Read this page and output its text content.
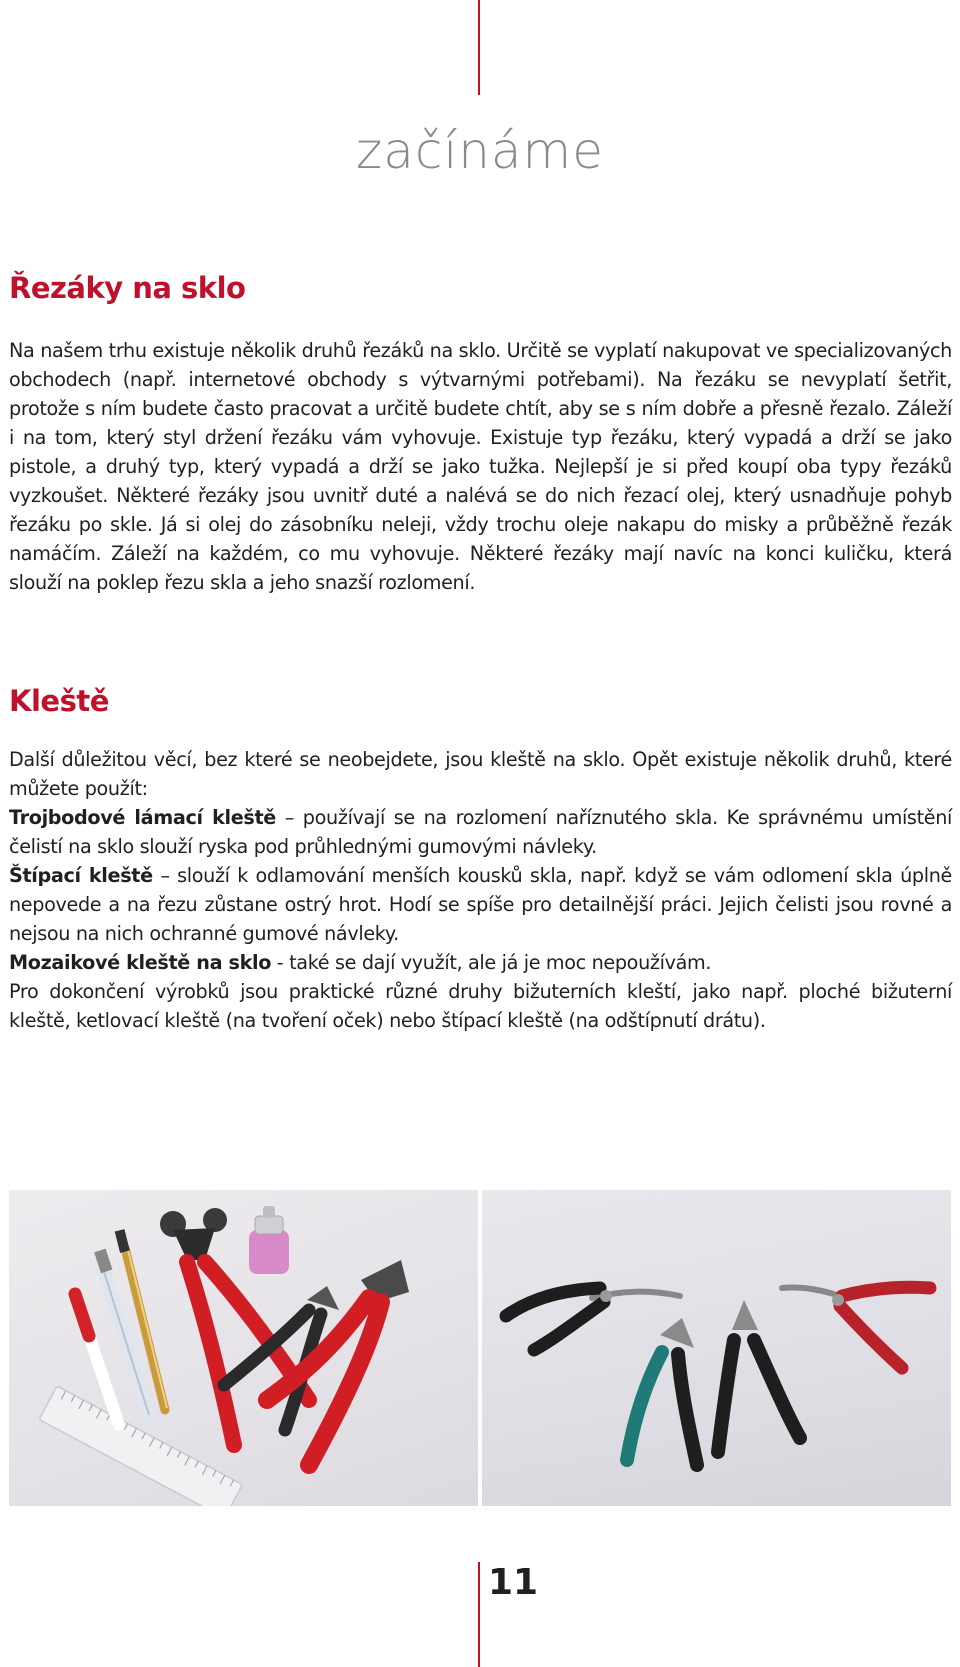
začínáme
Řezáky na sklo

Na našem trhu existuje několik druhů řezáků na sklo. Určitě se vyplatí nakupovat ve specializovaných obchodech (např. internetové obchody s výtvarnými potřebami). Na řezáku se nevyplatí šetřit, protože s ním budete často pracovat a určitě budete chtít, aby se s ním dobře a přesně řezalo. Záleží i na tom, který styl držení řezáku vám vyhovuje. Existuje typ řezáku, který vypadá a drží se jako pistole, a druhý typ, který vypadá a drží se jako tužka. Nejlepší je si před koupí oba typy řezáků vyzkoušet. Některé řezáky jsou uvnitř duté a nalévá se do nich řezací olej, který usnadňuje pohyb řezáku po skle. Já si olej do zásobníku neleji, vždy trochu oleje nakapu do misky a průběžně řezák namáčím. Záleží na každém, co mu vyhovuje. Některé řezáky mají navíc na konci kuličku, která slouží na poklep řezu skla a jeho snazší rozlomení.

Kleště

Další důležitou věcí, bez které se neobejdete, jsou kleště na sklo. Opět existuje několik druhů, které můžete použít:

Trojbodové lámací kleště – používají se na rozlomení naříznutého skla. Ke správnému umístění čelistí na sklo slouží ryska pod průhlednými gumovými návleky.

Štípací kleště – slouží k odlamování menších kousků skla, např. když se vám odlomení skla úplně nepovede a na řezu zůstane ostrý hrot. Hodí se spíše pro detailnější práci. Jejich čelisti jsou rovné a nejsou na nich ochranné gumové návleky.

Mozaikové kleště na sklo - také se dají využít, ale já je moc nepoužívám.

Pro dokončení výrobků jsou praktické různé druhy bižuterních kleští, jako např. ploché bižuterní kleště, ketlovací kleště (na tvoření oček) nebo štípací kleště (na odštípnutí drátu).

11
